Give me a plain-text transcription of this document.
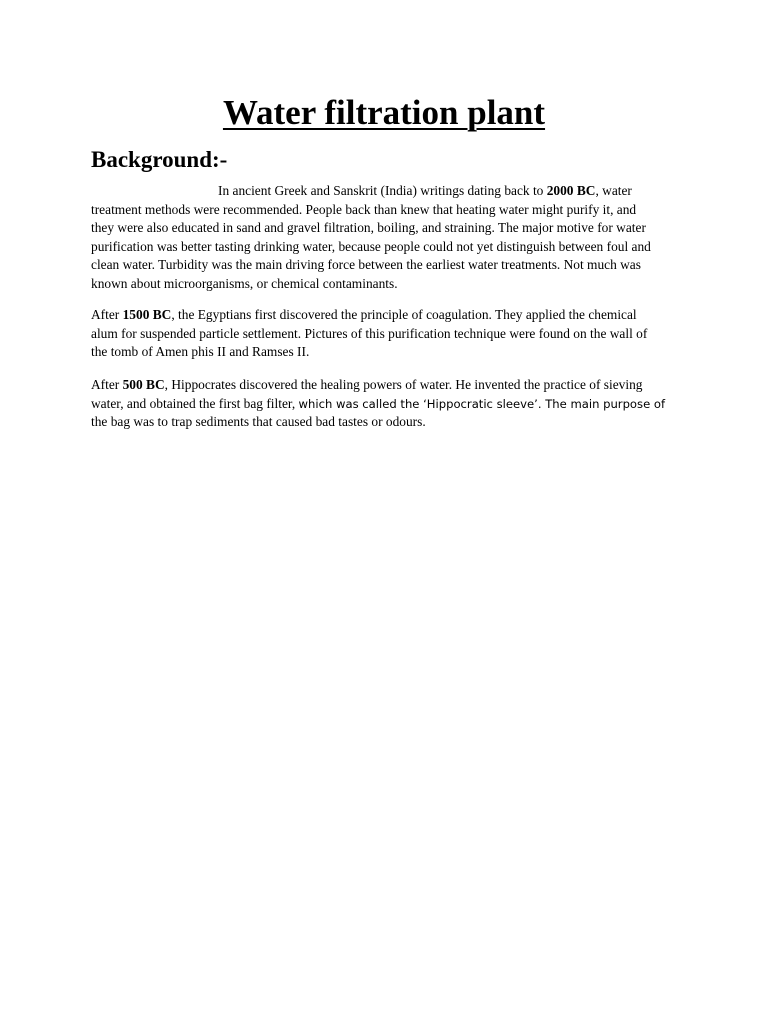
Water filtration plant
Background:-

In ancient Greek and Sanskrit (India) writings dating back to 2000 BC, water
treatment methods were recommended. People back than knew that heating water might purify it, and
they were also educated in sand and gravel filtration, boiling, and straining. The major motive for water
purification was better tasting drinking water, because people could not yet distinguish between foul and
clean water. Turbidity was the main driving force between the earliest water treatments. Not much was
known about microorganisms, or chemical contaminants.

After 1500 BC, the Egyptians first discovered the principle of coagulation. They applied the chemical
alum for suspended particle settlement. Pictures of this purification technique were found on the wall of
the tomb of Amen phis II and Ramses II.

After 500 BC, Hippocrates discovered the healing powers of water. He invented the practice of sieving
water, and obtained the first bag filter, which was called the ‘Hippocratic sleeve’. The main purpose of
the bag was to trap sediments that caused bad tastes or odours.
